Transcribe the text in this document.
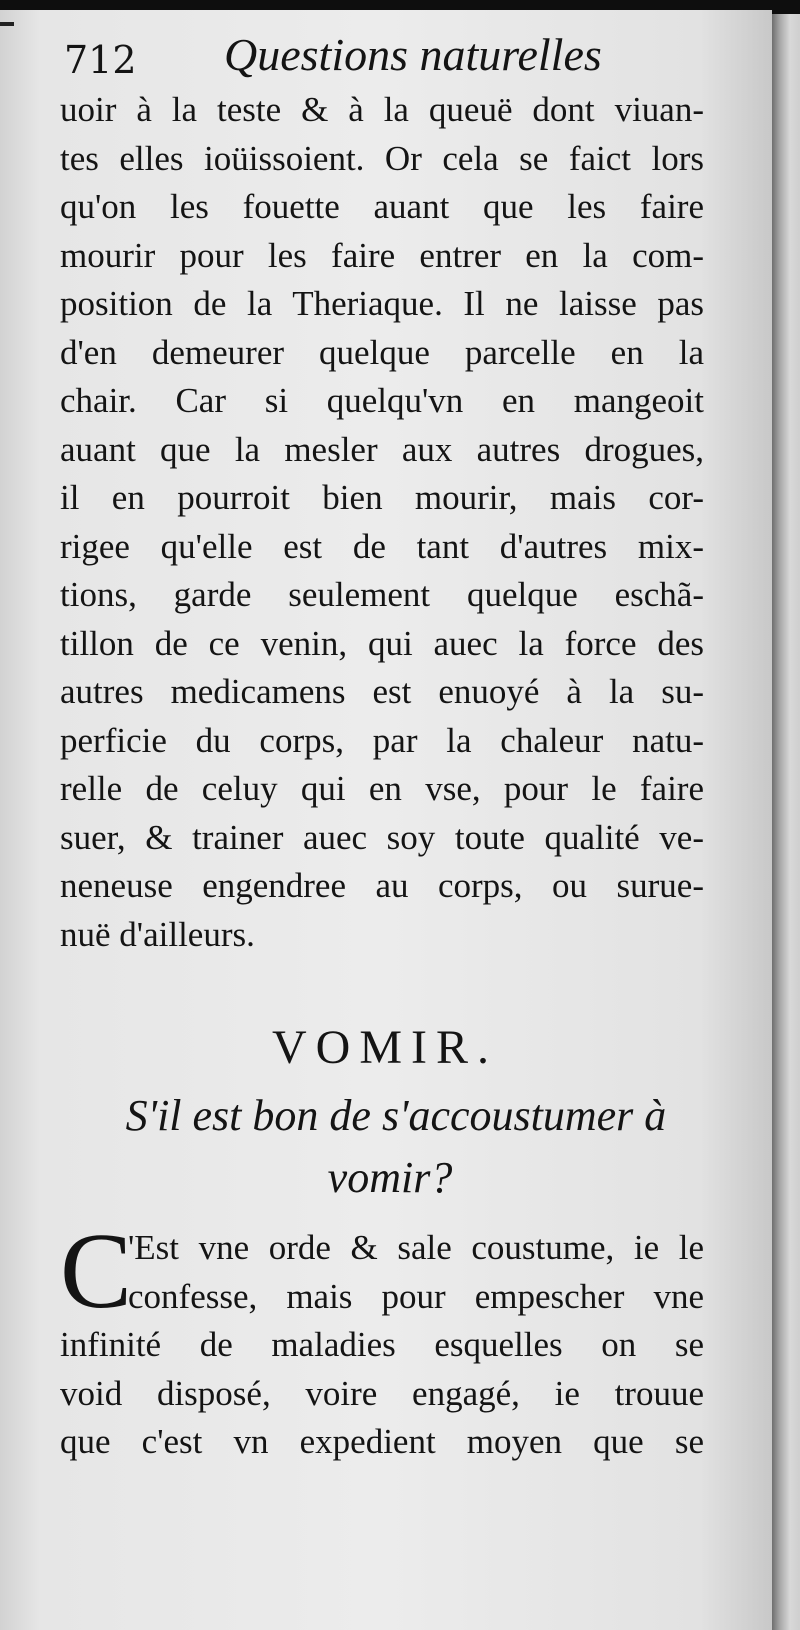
712 Questions naturelles
uoir à la teste & à la queuë dont viuan-
tes elles ioüissoient. Or cela se faict lors
qu'on les fouette auant que les faire
mourir pour les faire entrer en la com-
position de la Theriaque. Il ne laisse pas
d'en demeurer quelque parcelle en la
chair. Car si quelqu'vn en mangeoit
auant que la mesler aux autres drogues,
il en pourroit bien mourir, mais cor-
rigee qu'elle est de tant d'autres mix-
tions, garde seulement quelque eschã-
tillon de ce venin, qui auec la force des
autres medicamens est enuoyé à la su-
perficie du corps, par la chaleur natu-
relle de celuy qui en vse, pour le faire
suer, & trainer auec soy toute qualité ve-
neneuse engendree au corps, ou surue-
nuë d'ailleurs.
VOMIR.
S'il est bon de s'accoustumer à
vomir?
C
'Est vne orde & sale coustume, ie le
confesse, mais pour empescher vne
infinité de maladies esquelles on se
void disposé, voire engagé, ie trouue
que c'est vn expedient moyen que se
